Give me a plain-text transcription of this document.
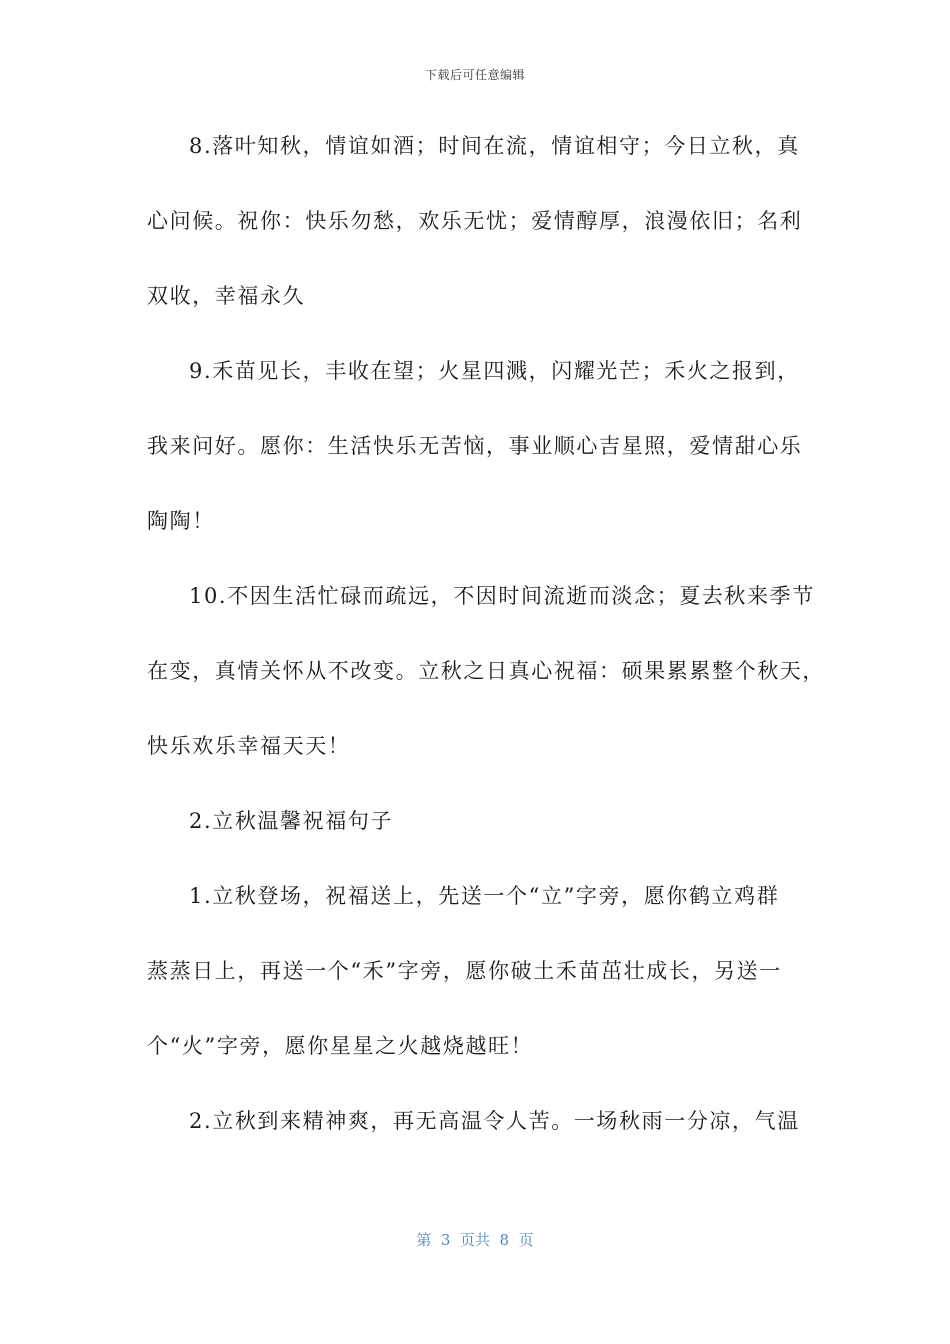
下载后可任意编辑
8.落叶知秋，情谊如酒；时间在流，情谊相守；今日立秋，真
心问候。祝你：快乐勿愁，欢乐无忧；爱情醇厚，浪漫依旧；名利
双收，幸福永久
9.禾苗见长，丰收在望；火星四溅，闪耀光芒；禾火之报到，
我来问好。愿你：生活快乐无苦恼，事业顺心吉星照，爱情甜心乐
陶陶！
10.不因生活忙碌而疏远，不因时间流逝而淡念；夏去秋来季节
在变，真情关怀从不改变。立秋之日真心祝福：硕果累累整个秋天，
快乐欢乐幸福天天！
2.立秋温馨祝福句子
1.立秋登场，祝福送上，先送一个“立”字旁，愿你鹤立鸡群
蒸蒸日上，再送一个“禾”字旁，愿你破土禾苗茁壮成长，另送一
个“火”字旁，愿你星星之火越烧越旺！
2.立秋到来精神爽，再无高温令人苦。一场秋雨一分凉，气温
第  3  页共  8  页
